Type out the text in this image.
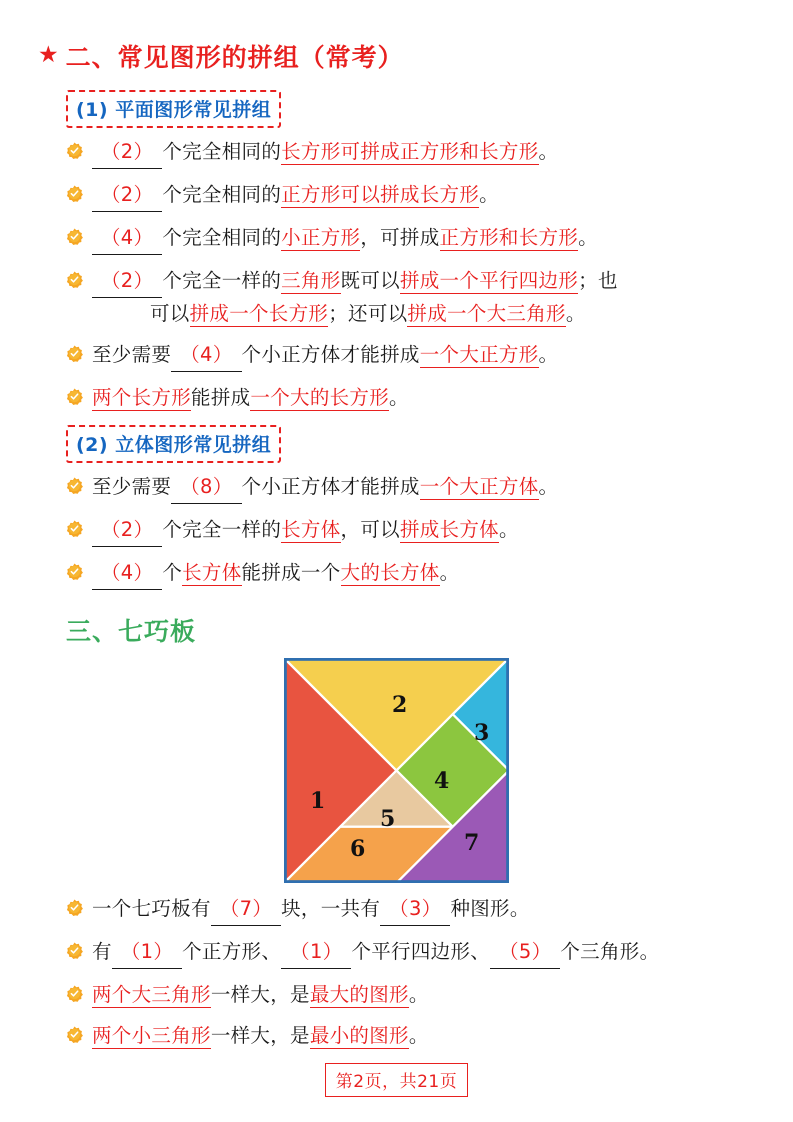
★ 二、常见图形的拼组（常考）
(1) 平面图形常见拼组
（2） 个完全相同的长方形可拼成正方形和长方形。
（2） 个完全相同的正方形可以拼成长方形。
（4） 个完全相同的小正方形，可拼成正方形和长方形。
（2） 个完全一样的三角形既可以拼成一个平行四边形；也
可以拼成一个长方形；还可以拼成一个大三角形。
至少需要 （4） 个小正方体才能拼成一个大正方形。
两个长方形能拼成一个大的长方形。
(2) 立体图形常见拼组
至少需要 （8） 个小正方体才能拼成一个大正方体。
（2） 个完全一样的长方体，可以拼成长方体。
（4） 个长方体能拼成一个大的长方体。
三、七巧板
1
2
3
4
5
6	7
一个七巧板有 （7） 块，一共有 （3） 种图形。
有 （1） 个正方形、 （1） 个平行四边形、 （5） 个三角形。
两个大三角形一样大，是最大的图形。
两个小三角形一样大，是最小的图形。
第2页，共21页
